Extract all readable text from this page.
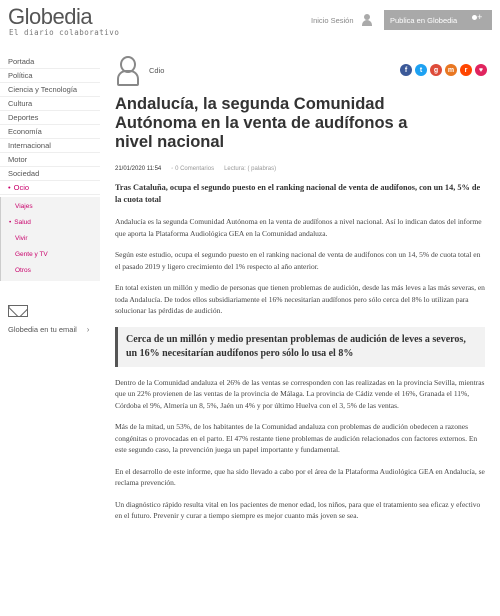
Globedia
El diario colaborativo
Inicio Sesión	Publica en Globedia
+
Portada
Política
Ciencia y Tecnología
Cultura
Deportes
Economía
Internacional
Motor
Sociedad
• Ocio
Viajes
• Salud
Vivir
Gente y TV
Otros
Globedia en tu email ›
Cdio	f	t	g	m	r	♥
Andalucía, la segunda Comunidad Autónoma en la venta de audífonos a nivel nacional
21/01/2020 11:54
◦	0 Comentarios Lectura: ( palabras)

Tras Cataluña, ocupa el segundo puesto en el ranking nacional de venta de audífonos, con un 14, 5% de la cuota total

Andalucía es la segunda Comunidad Autónoma en la venta de audífonos a nivel nacional. Así lo indican datos del informe que aporta la Plataforma Audiológica GEA en la Comunidad andaluza.

Según este estudio, ocupa el segundo puesto en el ranking nacional de venta de audífonos con un 14, 5% de cuota total en el pasado 2019 y ligero crecimiento del 1% respecto al año anterior.

En total existen un millón y medio de personas que tienen problemas de audición, desde las más leves a las más severas, en toda Andalucía. De todos ellos subsidiariamente el 16% necesitarían audífonos pero sólo cerca del 8% lo utilizan para solucionar las pérdidas de audición.

Cerca de un millón y medio presentan problemas de audición de leves a severos, un 16% necesitarían audífonos pero sólo lo usa el 8%

Dentro de la Comunidad andaluza el 26% de las ventas se corresponden con las realizadas en la provincia Sevilla, mientras que un 22% provienen de las ventas de la provincia de Málaga. La provincia de Cádiz vende el 16%, Granada el 11%, Córdoba el 9%, Almería un 8, 5%, Jaén un 4% y por último Huelva con el 3, 5% de las ventas.

Más de la mitad, un 53%, de los habitantes de la Comunidad andaluza con problemas de audición obedecen a razones congénitas o provocadas en el parto. El 47% restante tiene problemas de audición relacionados con factores externos. En este segundo caso, la prevención juega un papel importante y fundamental.

En el desarrollo de este informe, que ha sido llevado a cabo por el área de la Plataforma Audiológica GEA en Andalucía, se reclama prevención.

Un diagnóstico rápido resulta vital en los pacientes de menor edad, los niños, para que el tratamiento sea eficaz y efectivo en el futuro. Prevenir y curar a tiempo siempre es mejor cuanto más joven se sea.
